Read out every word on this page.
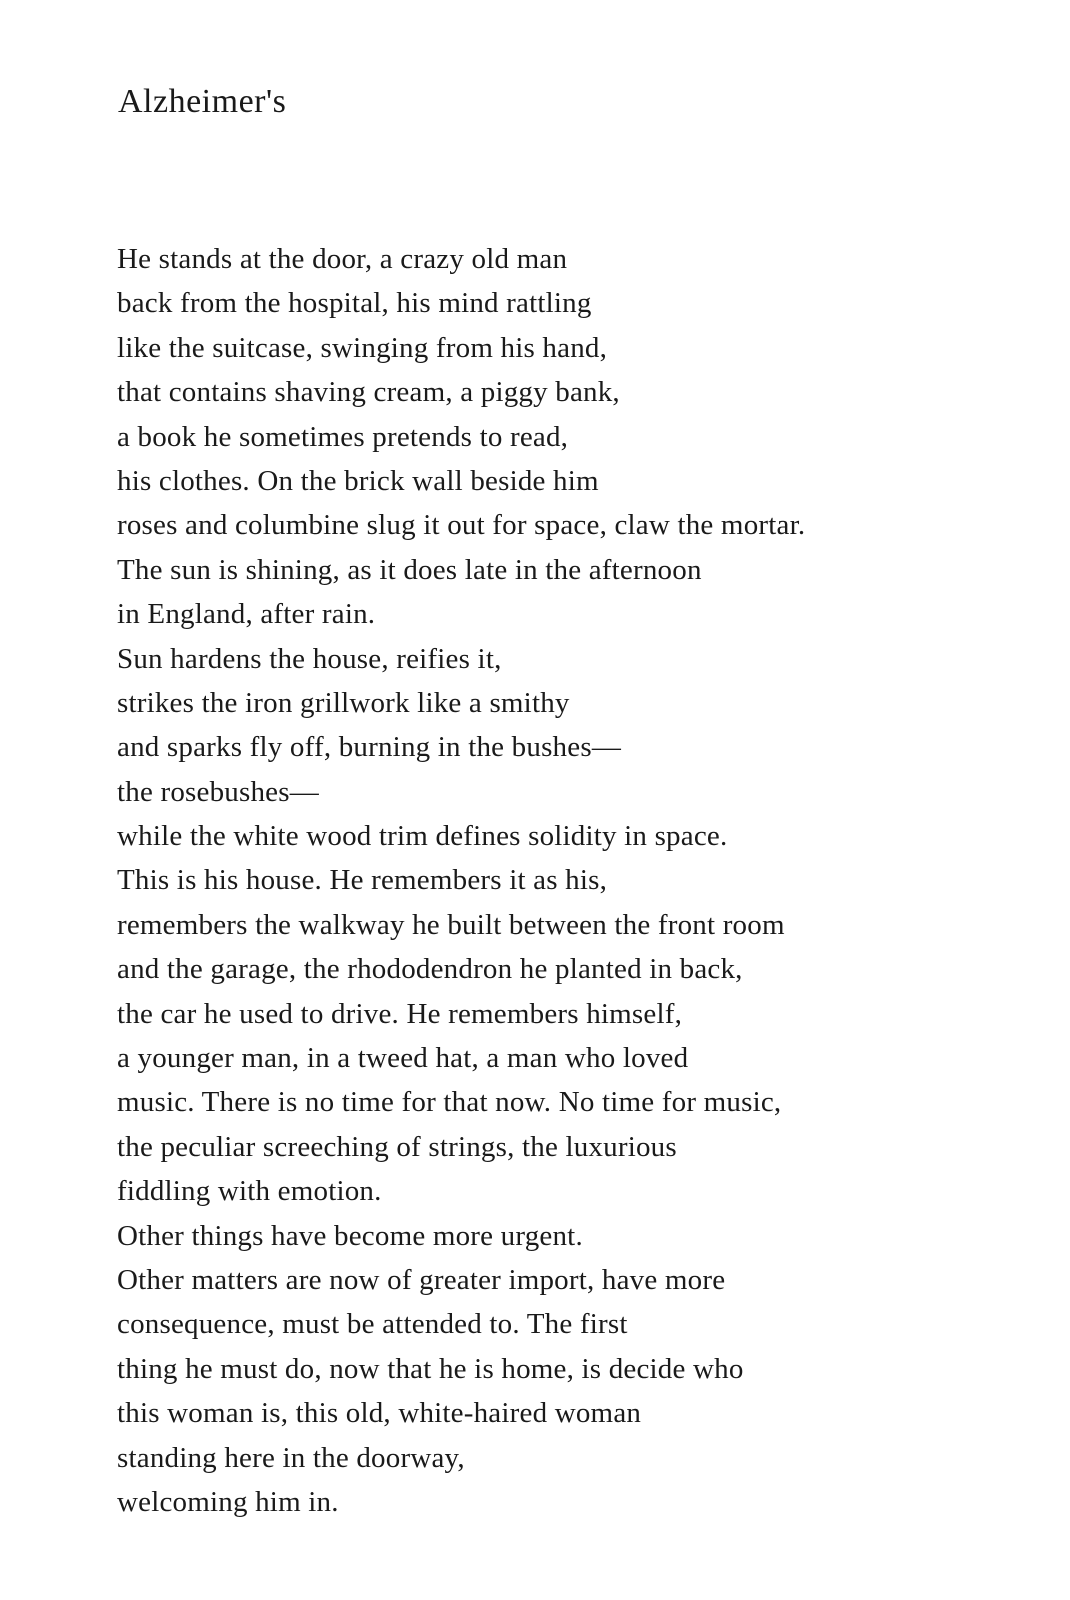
Alzheimer's
He stands at the door, a crazy old man
back from the hospital, his mind rattling
like the suitcase, swinging from his hand,
that contains shaving cream, a piggy bank,
a book he sometimes pretends to read,
his clothes. On the brick wall beside him
roses and columbine slug it out for space, claw the mortar.
The sun is shining, as it does late in the afternoon
in England, after rain.
Sun hardens the house, reifies it,
strikes the iron grillwork like a smithy
and sparks fly off, burning in the bushes—
the rosebushes—
while the white wood trim defines solidity in space.
This is his house. He remembers it as his,
remembers the walkway he built between the front room
and the garage, the rhododendron he planted in back,
the car he used to drive. He remembers himself,
a younger man, in a tweed hat, a man who loved
music. There is no time for that now. No time for music,
the peculiar screeching of strings, the luxurious
fiddling with emotion.
Other things have become more urgent.
Other matters are now of greater import, have more
consequence, must be attended to. The first
thing he must do, now that he is home, is decide who
this woman is, this old, white-haired woman
standing here in the doorway,
welcoming him in.
